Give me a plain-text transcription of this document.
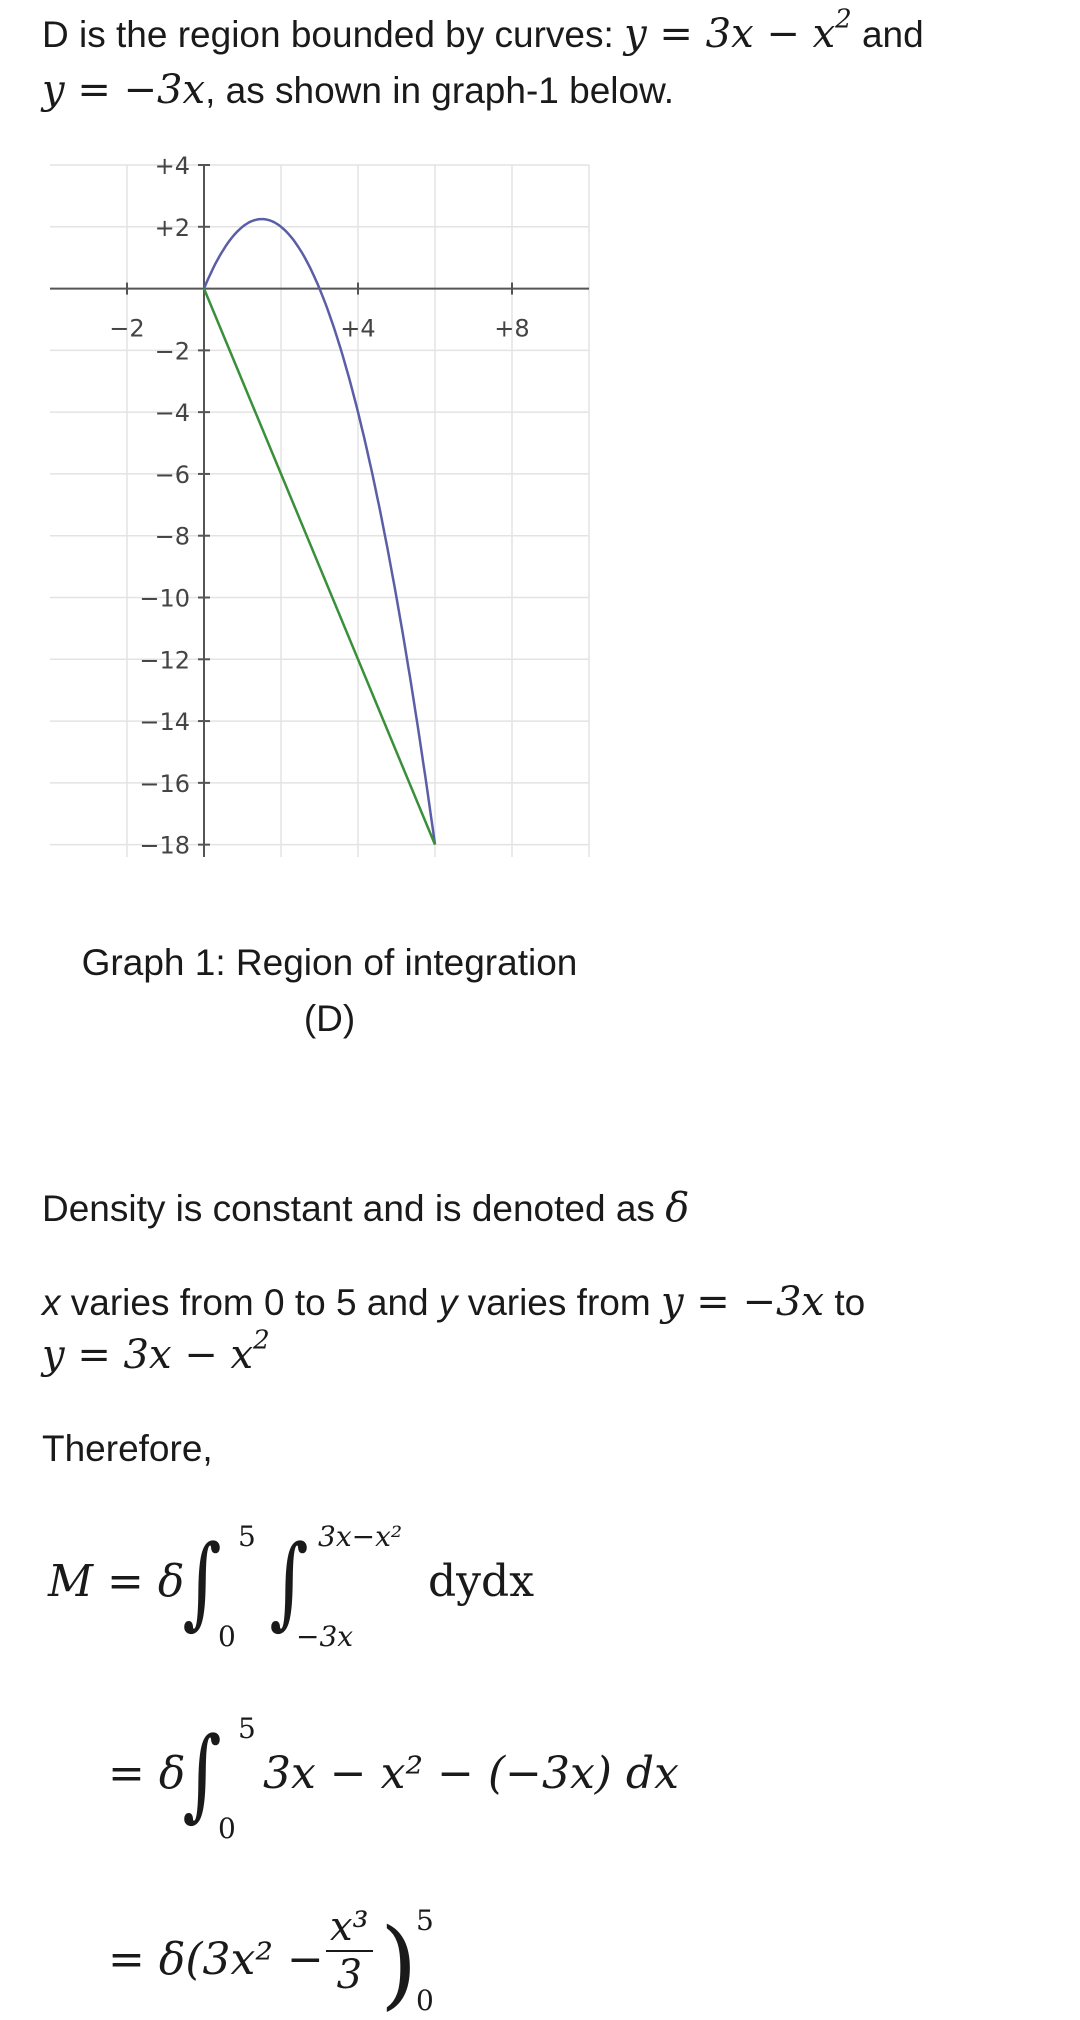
D is the region bounded by curves: $y = 3x - x^2$ and
y = −3x, as shown in graph-1 below.
−2	+4	+8
+4
+2
−2
−4
−6
−8
−10
−12
−14
−16
−18
Graph 1: Region of integration
(D)
Density is constant and is denoted as δ
x varies from 0 to 5 and y varies from y = −3x to
$y = 3x - x^2$
Therefore,
M = δ
∫ 5
0 ∫ 3x−x²
−3x
dydx
= δ
∫ 5
0
3x − x² − (−3x) dx
= $\delta(3x^2 - \frac{\text{x³}}{3}$ )
5
0
